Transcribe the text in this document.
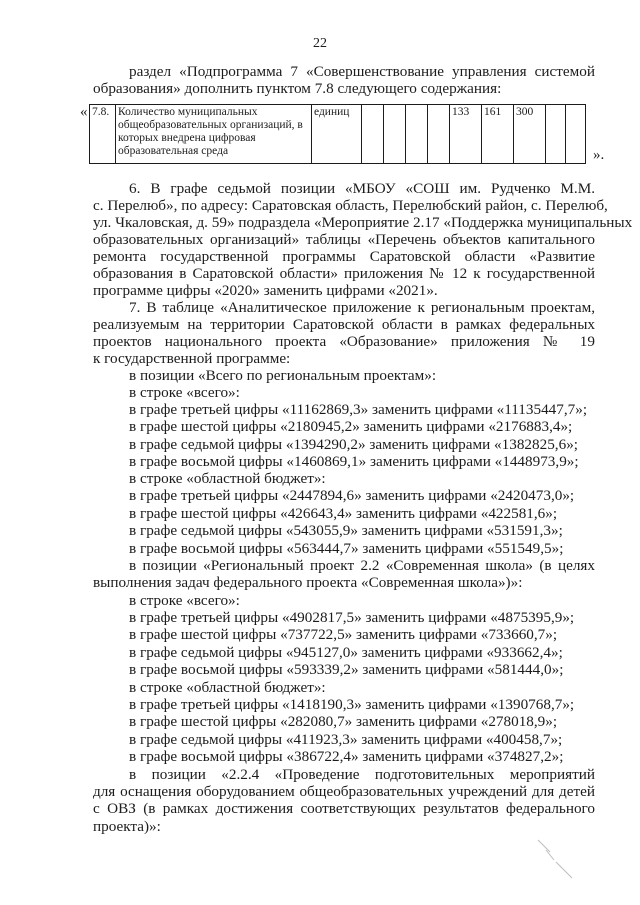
22
раздел «Подпрограмма 7 «Совершенствование управления системой
образования» дополнить пунктом 7.8 следующего содержания:
« 7.8.	Количество муниципальных общеобразовательных организаций, в которых внедрена цифровая образовательная среда	единиц					133	161	300		
».
6. В графе седьмой позиции «МБОУ «СОШ им. Рудченко М.М.
с. Перелюб», по адресу: Саратовская область, Перелюбский район, с. Перелюб,
ул. Чкаловская, д. 59» подраздела «Мероприятие 2.17 «Поддержка муниципальных
образовательных организаций» таблицы «Перечень объектов капитального
ремонта государственной программы Саратовской области «Развитие
образования в Саратовской области» приложения № 12 к государственной
программе цифры «2020» заменить цифрами «2021».
7. В таблице «Аналитическое приложение к региональным проектам,
реализуемым на территории Саратовской области в рамках федеральных
проектов национального проекта «Образование» приложения № 19
к государственной программе:
в позиции «Всего по региональным проектам»:
в строке «всего»:
в графе третьей цифры «11162869,3» заменить цифрами «11135447,7»;
в графе шестой цифры «2180945,2» заменить цифрами «2176883,4»;
в графе седьмой цифры «1394290,2» заменить цифрами «1382825,6»;
в графе восьмой цифры «1460869,1» заменить цифрами «1448973,9»;
в строке «областной бюджет»:
в графе третьей цифры «2447894,6» заменить цифрами «2420473,0»;
в графе шестой цифры «426643,4» заменить цифрами «422581,6»;
в графе седьмой цифры «543055,9» заменить цифрами «531591,3»;
в графе восьмой цифры «563444,7» заменить цифрами «551549,5»;
в позиции «Региональный проект 2.2 «Современная школа» (в целях
выполнения задач федерального проекта «Современная школа»)»:
в строке «всего»:
в графе третьей цифры «4902817,5» заменить цифрами «4875395,9»;
в графе шестой цифры «737722,5» заменить цифрами «733660,7»;
в графе седьмой цифры «945127,0» заменить цифрами «933662,4»;
в графе восьмой цифры «593339,2» заменить цифрами «581444,0»;
в строке «областной бюджет»:
в графе третьей цифры «1418190,3» заменить цифрами «1390768,7»;
в графе шестой цифры «282080,7» заменить цифрами «278018,9»;
в графе седьмой цифры «411923,3» заменить цифрами «400458,7»;
в графе восьмой цифры «386722,4» заменить цифрами «374827,2»;
в позиции «2.2.4 «Проведение подготовительных мероприятий
для оснащения оборудованием общеобразовательных учреждений для детей
с ОВЗ (в рамках достижения соответствующих результатов федерального
проекта)»:
